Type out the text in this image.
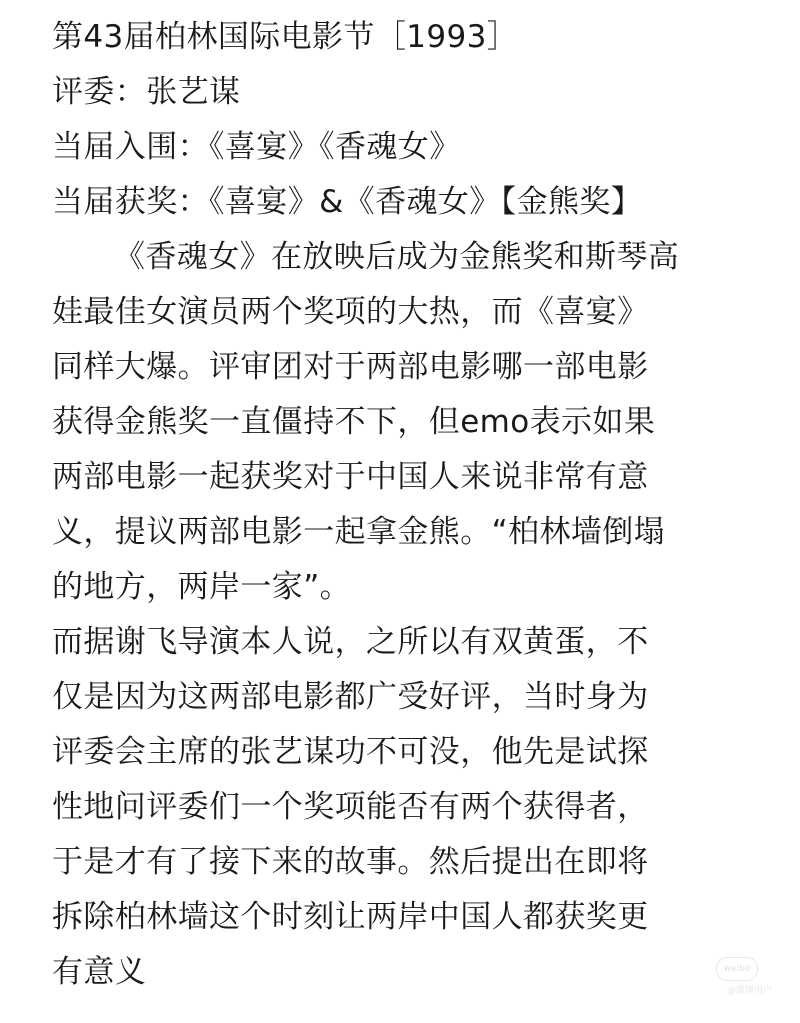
第43届柏林国际电影节［1993］
评委：张艺谋
当届入围：《喜宴》《香魂女》
当届获奖：《喜宴》&《香魂女》【金熊奖】
《香魂女》在放映后成为金熊奖和斯琴高
娃最佳女演员两个奖项的大热，而《喜宴》
同样大爆。评审团对于两部电影哪一部电影
获得金熊奖一直僵持不下，但emo表示如果
两部电影一起获奖对于中国人来说非常有意
义，提议两部电影一起拿金熊。“柏林墙倒塌
的地方，两岸一家”。
而据谢飞导演本人说，之所以有双黄蛋，不
仅是因为这两部电影都广受好评，当时身为
评委会主席的张艺谋功不可没，他先是试探
性地问评委们一个奖项能否有两个获得者，
于是才有了接下来的故事。然后提出在即将
拆除柏林墙这个时刻让两岸中国人都获奖更
有意义	weibo
@微博用户
